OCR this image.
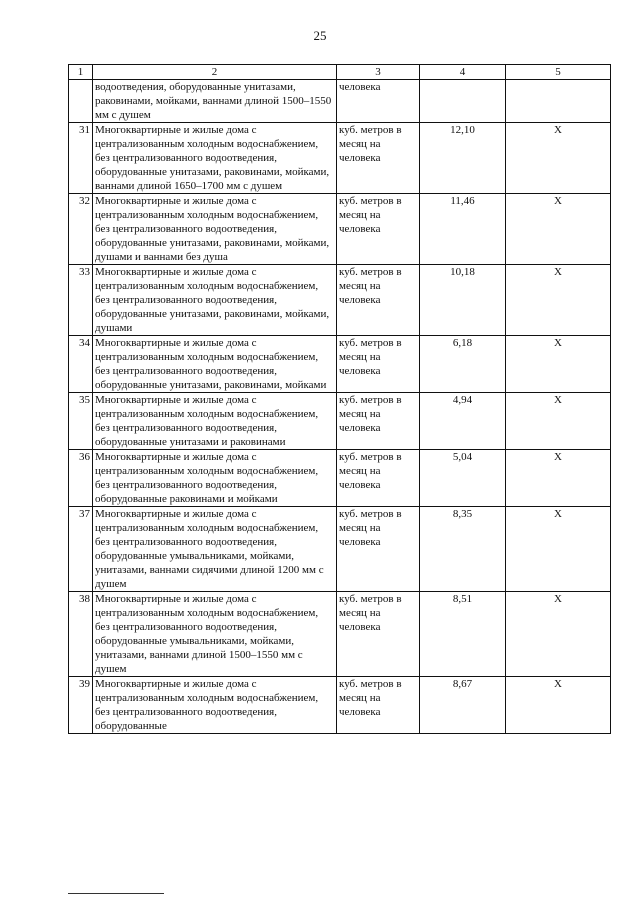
25
1	2	3	4	5
	водоотведения, оборудованные унитазами, раковинами, мойками, ваннами длиной 1500–1550 мм с душем	человека		
31	Многоквартирные и жилые дома с централизованным холодным водоснабжением, без централизованного водоотведения, оборудованные унитазами, раковинами, мойками, ваннами длиной 1650–1700 мм с душем	куб. метров в месяц на человека	12,10	X
32	Многоквартирные и жилые дома с централизованным холодным водоснабжением, без централизованного водоотведения, оборудованные унитазами, раковинами, мойками, душами и ваннами без душа	куб. метров в месяц на человека	11,46	X
33	Многоквартирные и жилые дома с централизованным холодным водоснабжением, без централизованного водоотведения, оборудованные унитазами, раковинами, мойками, душами	куб. метров в месяц на человека	10,18	X
34	Многоквартирные и жилые дома с централизованным холодным водоснабжением, без централизованного водоотведения, оборудованные унитазами, раковинами, мойками	куб. метров в месяц на человека	6,18	X
35	Многоквартирные и жилые дома с централизованным холодным водоснабжением, без централизованного водоотведения, оборудованные унитазами и раковинами	куб. метров в месяц на человека	4,94	X
36	Многоквартирные и жилые дома с централизованным холодным водоснабжением, без централизованного водоотведения, оборудованные раковинами и мойками	куб. метров в месяц на человека	5,04	X
37	Многоквартирные и жилые дома с централизованным холодным водоснабжением, без централизованного водоотведения, оборудованные умывальниками, мойками, унитазами, ваннами сидячими длиной 1200 мм с душем	куб. метров в месяц на человека	8,35	X
38	Многоквартирные и жилые дома с централизованным холодным водоснабжением, без централизованного водоотведения, оборудованные умывальниками, мойками, унитазами, ваннами длиной 1500–1550 мм с душем	куб. метров в месяц на человека	8,51	X
39	Многоквартирные и жилые дома с централизованным холодным водоснабжением, без централизованного водоотведения, оборудованные	куб. метров в месяц на человека	8,67	X
